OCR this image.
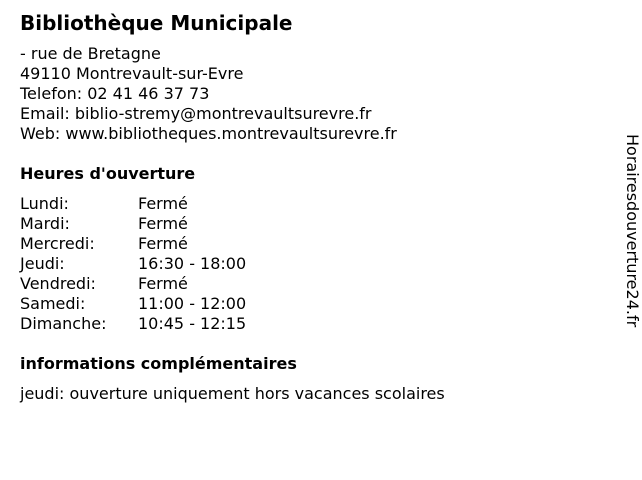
Bibliothèque Municipale
- rue de Bretagne
49110 Montrevault-sur-Evre
Telefon: 02 41 46 37 73
Email: biblio-stremy@montrevaultsurevre.fr
Web: www.bibliotheques.montrevaultsurevre.fr
Heures d'ouverture
Lundi:	Fermé
Mardi:	Fermé
Mercredi:	Fermé
Jeudi:	16:30 - 18:00
Vendredi:	Fermé
Samedi:	11:00 - 12:00
Dimanche:	10:45 - 12:15
informations complémentaires
jeudi: ouverture uniquement hors vacances scolaires
Horairesdouverture24.fr
